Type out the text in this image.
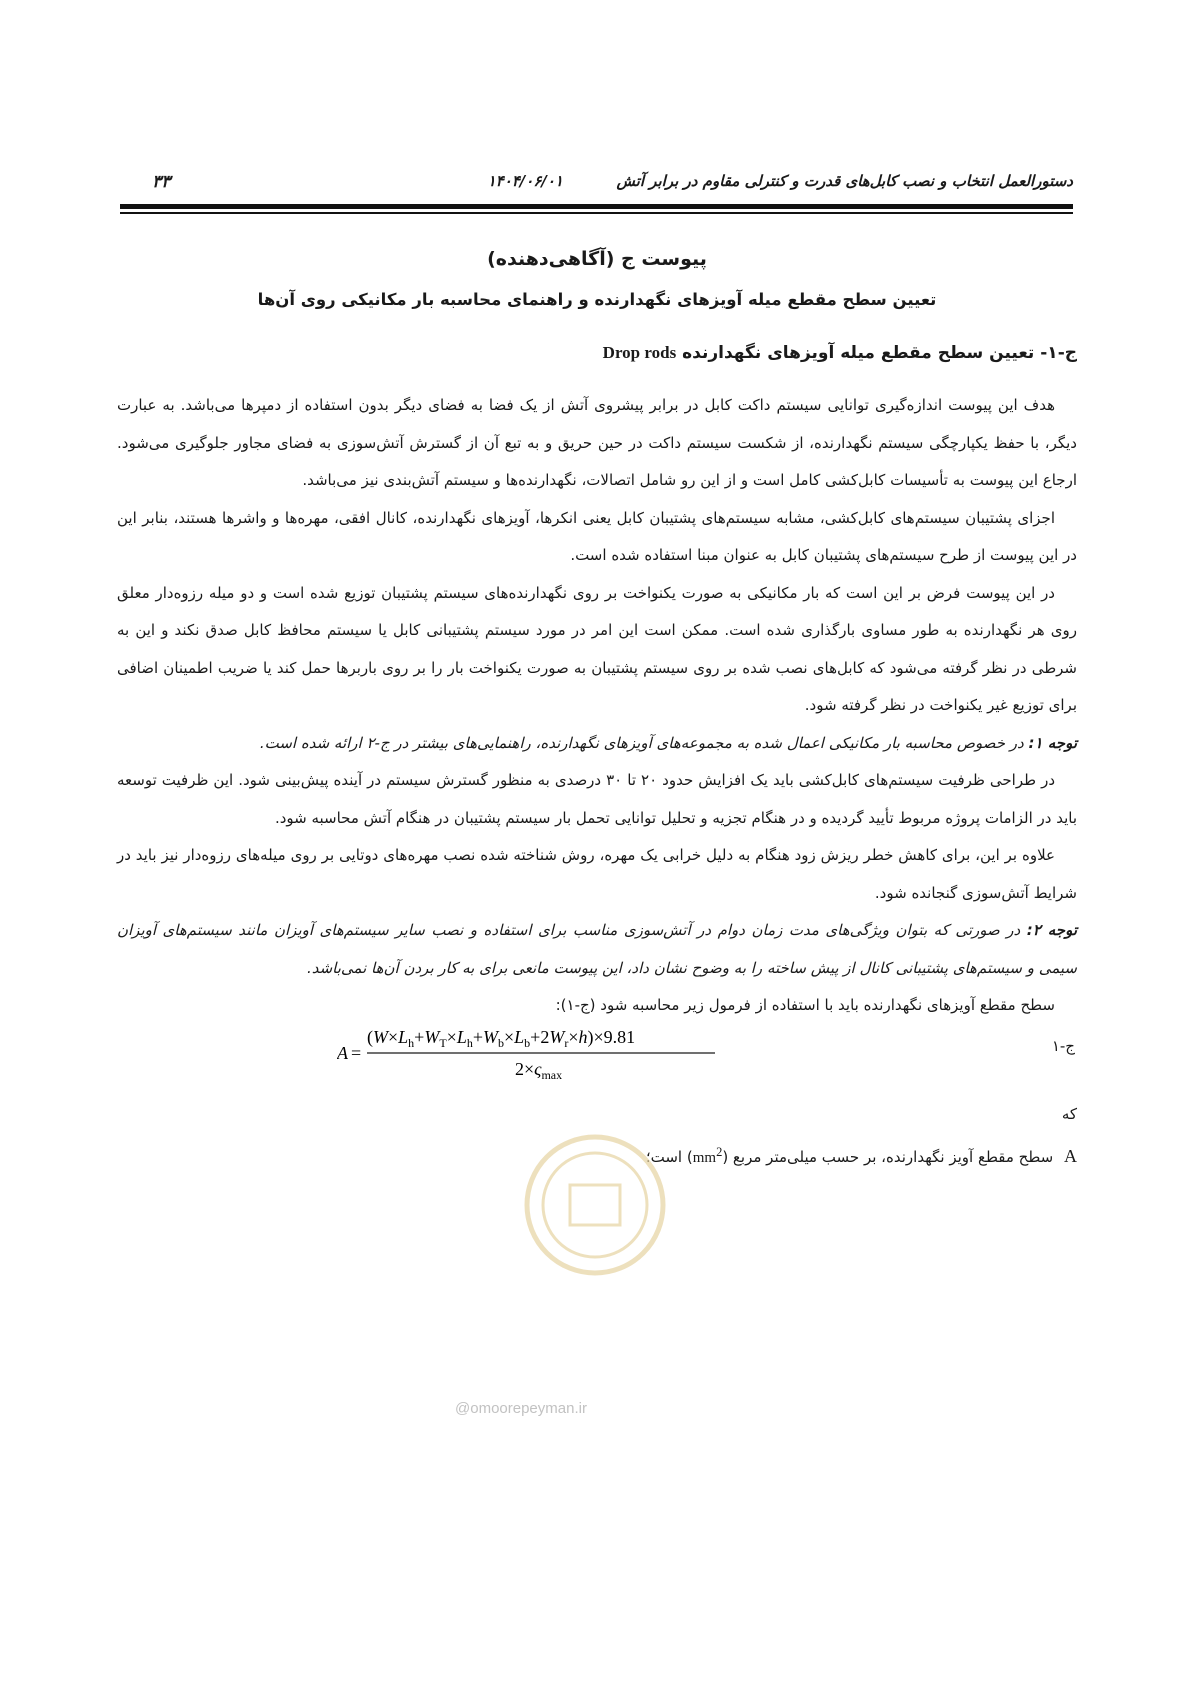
دستورالعمل انتخاب و نصب کابل‌های قدرت و کنترلی مقاوم در برابر آتش
۱۴۰۴/۰۶/۰۱
۳۳
پیوست ج (آگاهی‌دهنده)
تعیین سطح مقطع میله آویزهای نگهدارنده و راهنمای محاسبه بار مکانیکی روی آن‌ها
ج-۱- تعیین سطح مقطع میله آویزهای نگهدارنده Drop rods

هدف این پیوست اندازه‌گیری توانایی سیستم داکت کابل در برابر پیشروی آتش از یک فضا به فضای دیگر بدون استفاده از دمپرها می‌باشد. به عبارت دیگر، با حفظ یکپارچگی سیستم نگهدارنده، از شکست سیستم داکت در حین حریق و به تبع آن از گسترش آتش‌سوزی به فضای مجاور جلوگیری می‌شود. ارجاع این پیوست به تأسیسات کابل‌کشی کامل است و از این رو شامل اتصالات، نگهدارنده‌ها و سیستم آتش‌بندی نیز می‌باشد.

اجزای پشتیبان سیستم‌های کابل‌کشی، مشابه سیستم‌های پشتیبان کابل یعنی انکرها، آویزهای نگهدارنده، کانال افقی، مهره‌ها و واشرها هستند، بنابر این در این پیوست از طرح سیستم‌های پشتیبان کابل به عنوان مبنا استفاده شده است.

در این پیوست فرض بر این است که بار مکانیکی به صورت یکنواخت بر روی نگهدارنده‌های سیستم پشتیبان توزیع شده است و دو میله رزوه‌دار معلق روی هر نگهدارنده به طور مساوی بارگذاری شده است. ممکن است این امر در مورد سیستم پشتیبانی کابل یا سیستم محافظ کابل صدق نکند و این به شرطی در نظر گرفته می‌شود که کابل‌های نصب شده بر روی سیستم پشتیبان به صورت یکنواخت بار را بر روی باربرها حمل کند یا ضریب اطمینان اضافی برای توزیع غیر یکنواخت در نظر گرفته شود.

توجه ۱: در خصوص محاسبه بار مکانیکی اعمال شده به مجموعه‌های آویزهای نگهدارنده، راهنمایی‌های بیشتر در ج-۲ ارائه شده است.

در طراحی ظرفیت سیستم‌های کابل‌کشی باید یک افزایش حدود ۲۰ تا ۳۰ درصدی به منظور گسترش سیستم در آینده پیش‌بینی شود. این ظرفیت توسعه باید در الزامات پروژه مربوط تأیید گردیده و در هنگام تجزیه و تحلیل توانایی تحمل بار سیستم پشتیبان در هنگام آتش محاسبه شود.

علاوه بر این، برای کاهش خطر ریزش زود هنگام به دلیل خرابی یک مهره، روش شناخته شده نصب مهره‌های دوتایی بر روی میله‌های رزوه‌دار نیز باید در شرایط آتش‌سوزی گنجانده شود.

توجه ۲: در صورتی که بتوان ویژگی‌های مدت زمان دوام در آتش‌سوزی مناسب برای استفاده و نصب سایر سیستم‌های آویزان مانند سیستم‌های آویزان سیمی و سیستم‌های پشتیبانی کانال از پیش ساخته را به وضوح نشان داد، این پیوست مانعی برای به کار بردن آن‌ها نمی‌باشد.

سطح مقطع آویزهای نگهدارنده باید با استفاده از فرمول زیر محاسبه شود (ج-۱):

ج-۱
A =
$(W\times L_h+W_T\times L_h+W_b\times L_b+2W_r\times h)\times 9.81$
$2\times\varsigma_{max}$

که

A سطح مقطع آویز نگهدارنده، بر حسب میلی‌متر مربع $(mm^2)$ است؛

@omoorepeyman.ir
